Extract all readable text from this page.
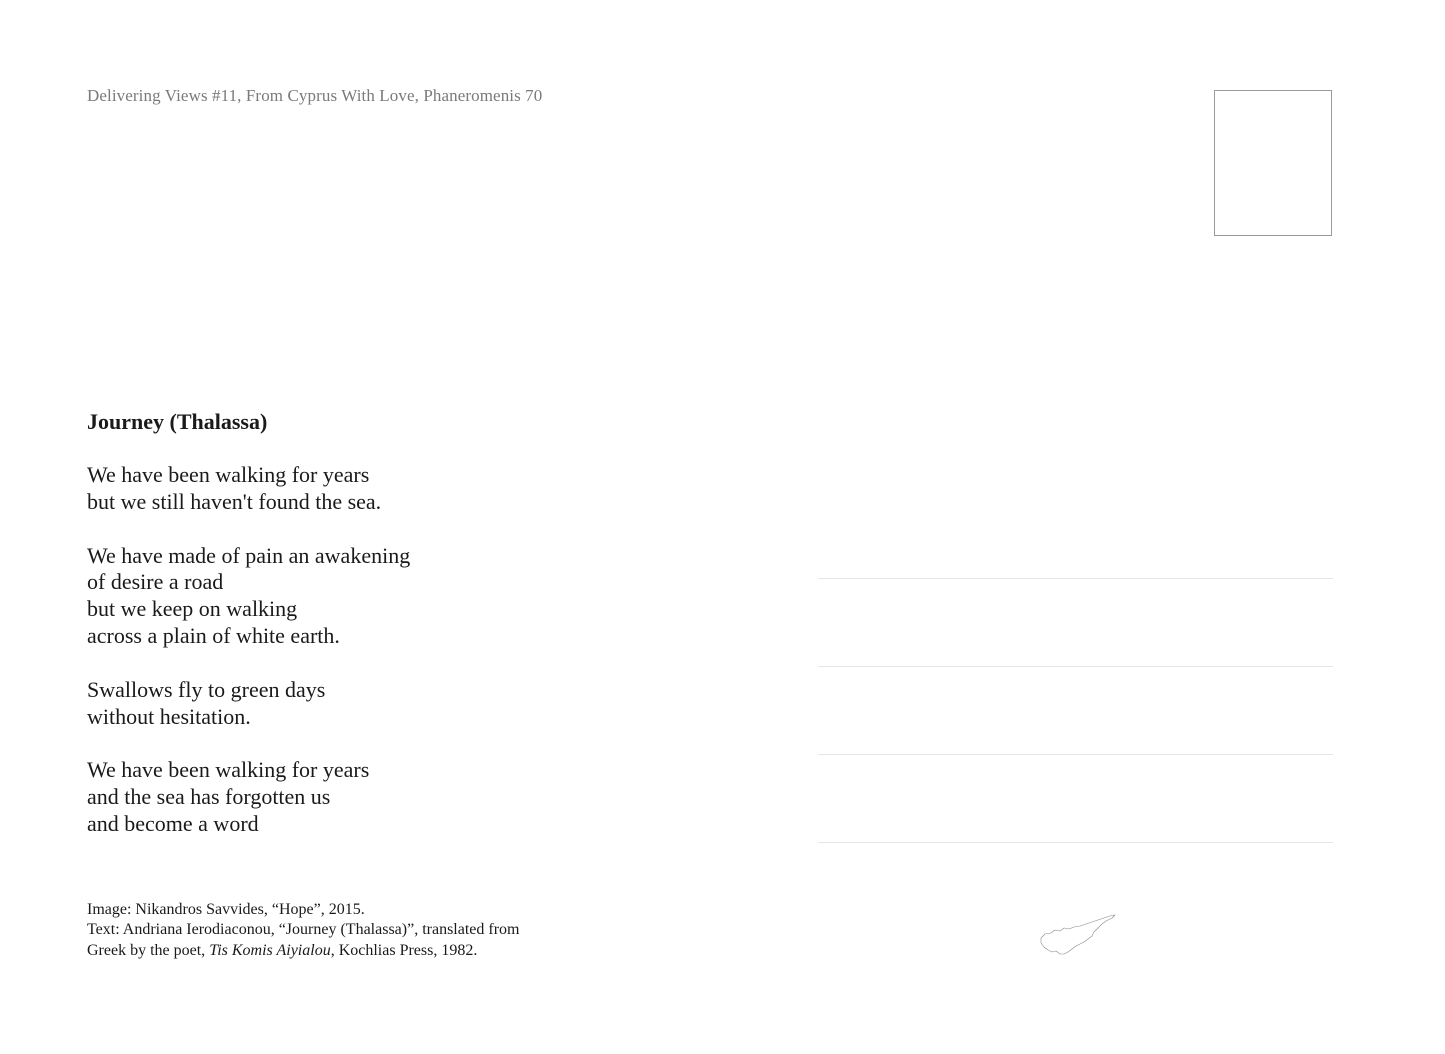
Delivering Views #11, From Cyprus With Love, Phaneromenis 70
Journey (Thalassa)
We have been walking for years
but we still haven't found the sea.
We have made of pain an awakening
of desire a road
but we keep on walking
across a plain of white earth.
Swallows fly to green days
without hesitation.
We have been walking for years
and the sea has forgotten us
and become a word
Image: Nikandros Savvides, “Hope”, 2015.
Text: Andriana Ierodiaconou, “Journey (Thalassa)”, translated from
Greek by the poet, Tis Komis Aiyialou, Kochlias Press, 1982.
